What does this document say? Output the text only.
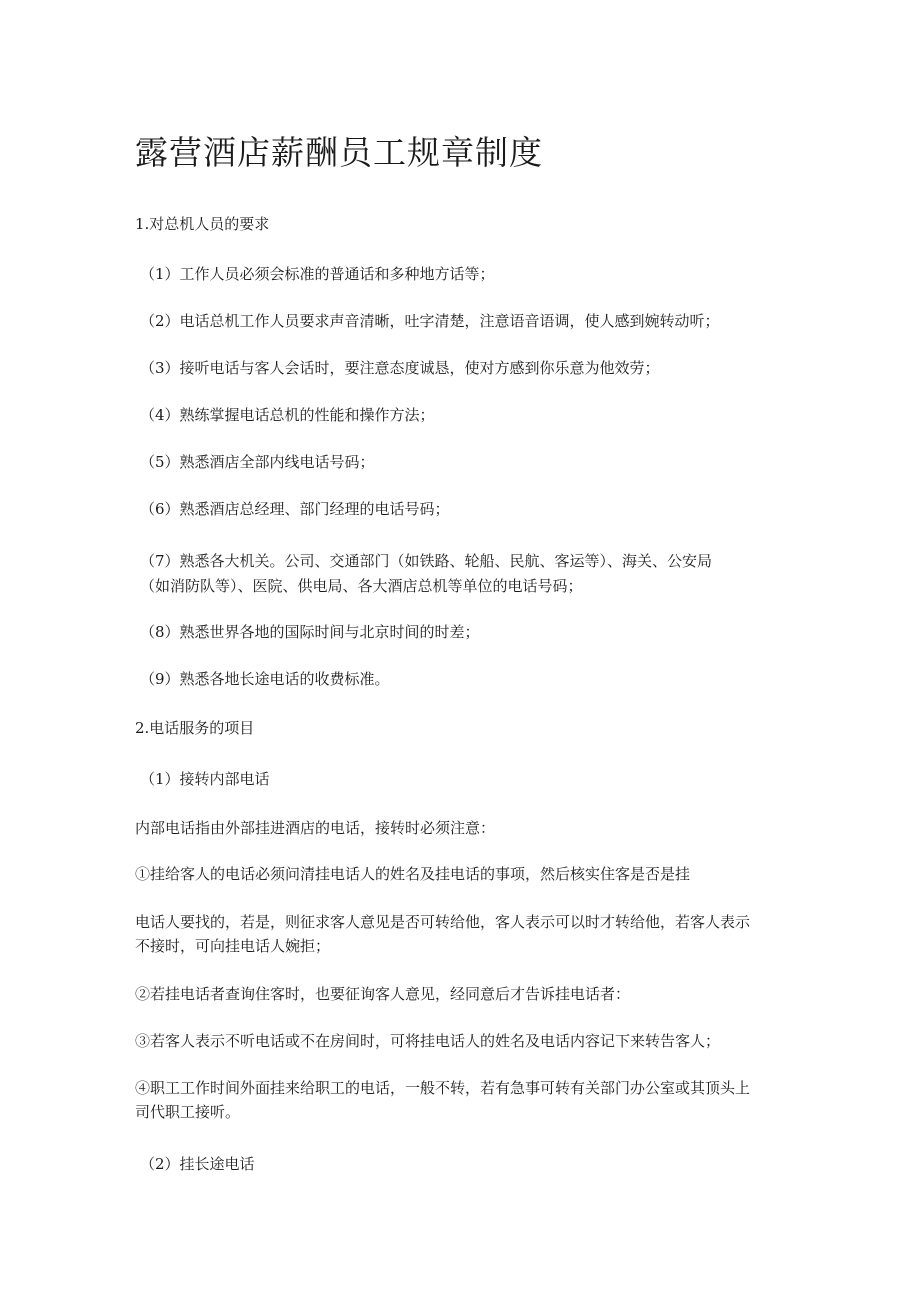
露营酒店薪酬员工规章制度

1.对总机人员的要求

（1）工作人员必须会标准的普通话和多种地方话等；

（2）电话总机工作人员要求声音清晰，吐字清楚，注意语音语调，使人感到婉转动听；

（3）接听电话与客人会话时，要注意态度诚恳，使对方感到你乐意为他效劳；

（4）熟练掌握电话总机的性能和操作方法；

（5）熟悉酒店全部内线电话号码；

（6）熟悉酒店总经理、部门经理的电话号码；

（7）熟悉各大机关。公司、交通部门（如铁路、轮船、民航、客运等）、海关、公安局

（如消防队等）、医院、供电局、各大酒店总机等单位的电话号码；

（8）熟悉世界各地的国际时间与北京时间的时差；

（9）熟悉各地长途电话的收费标准。

2.电话服务的项目

（1）接转内部电话

内部电话指由外部挂进酒店的电话，接转时必须注意：

①挂给客人的电话必须问清挂电话人的姓名及挂电话的事项，然后核实住客是否是挂

电话人要找的，若是，则征求客人意见是否可转给他，客人表示可以时才转给他，若客人表示

不接时，可向挂电话人婉拒；

②若挂电话者查询住客时，也要征询客人意见，经同意后才告诉挂电话者：

③若客人表示不听电话或不在房间时，可将挂电话人的姓名及电话内容记下来转告客人；

④职工工作时间外面挂来给职工的电话，一般不转，若有急事可转有关部门办公室或其顶头上

司代职工接听。

（2）挂长途电话
